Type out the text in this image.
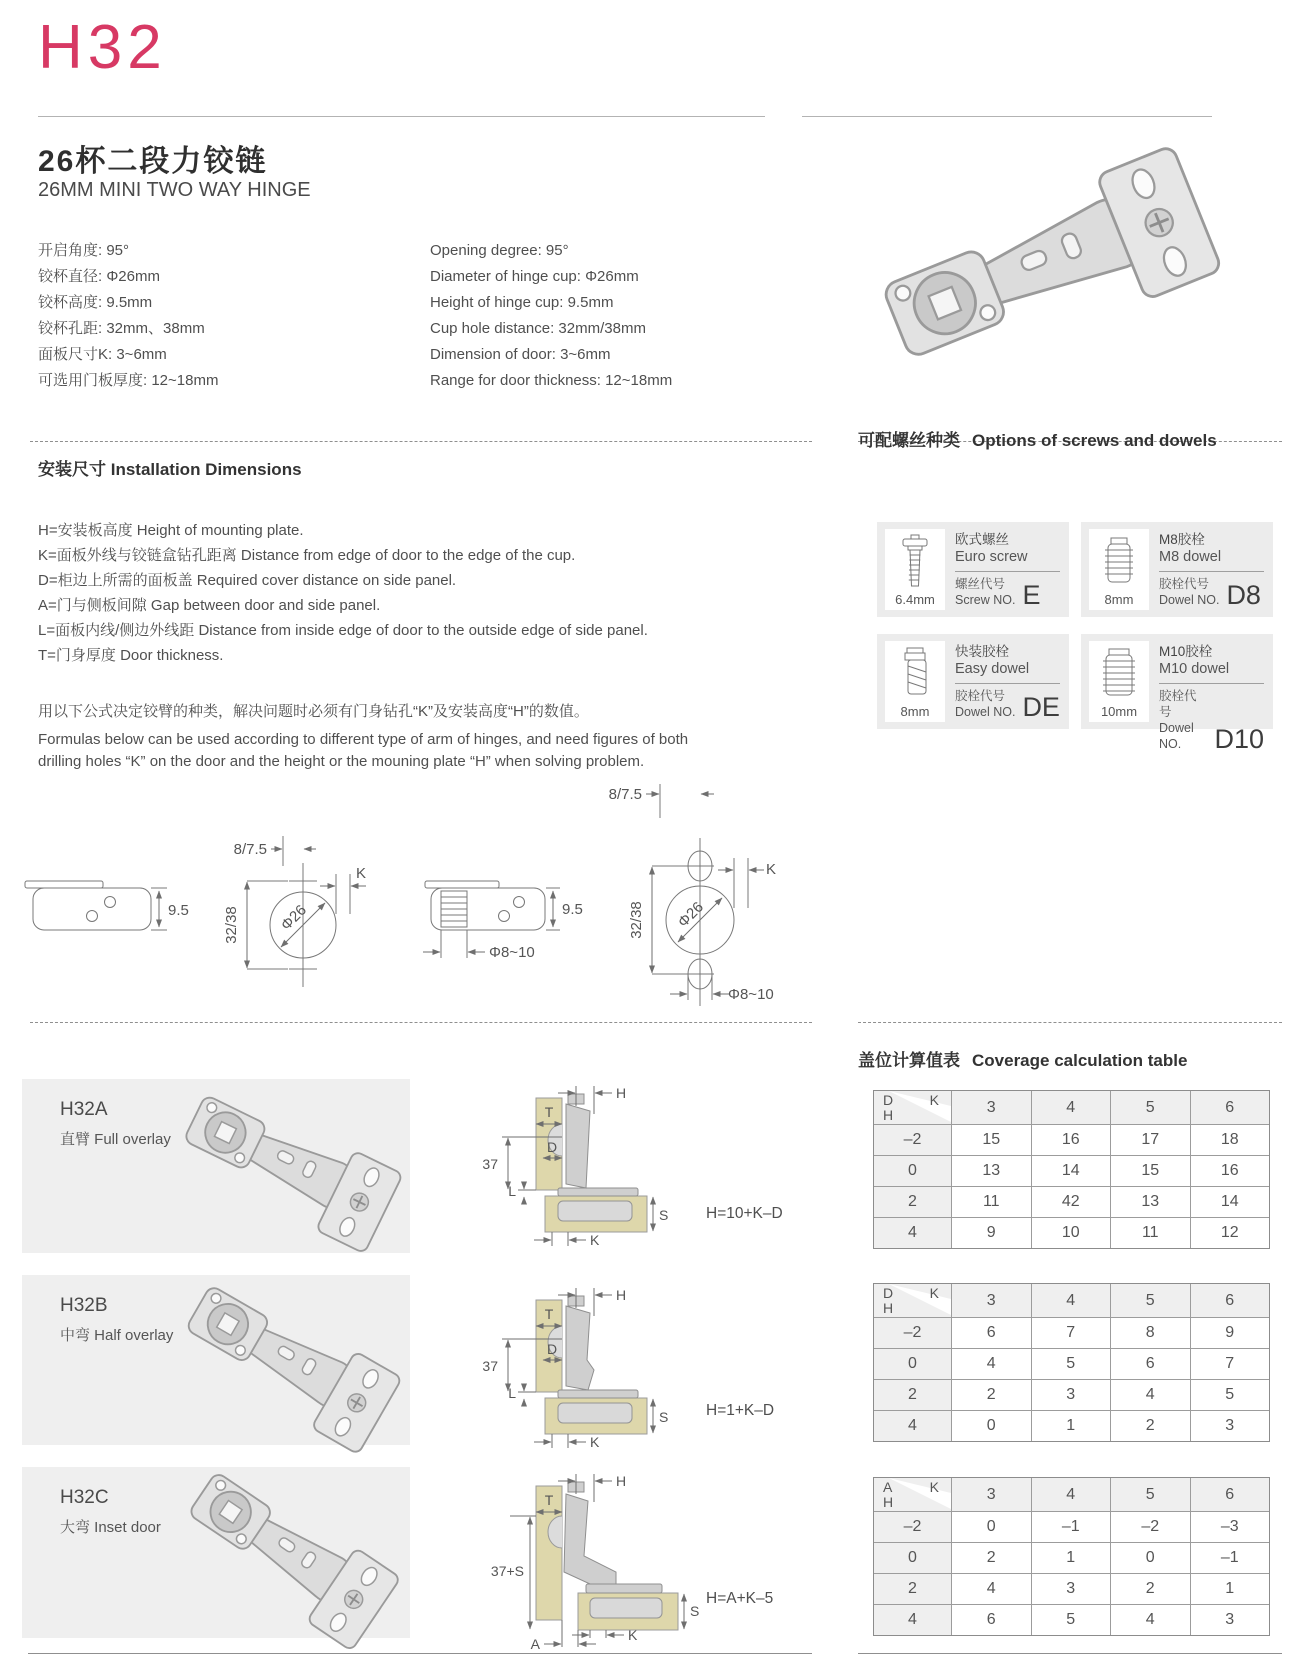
H32
26杯二段力铰链
26MM MINI TWO WAY HINGE
开启角度: 95°
铰杯直径: Φ26mm
铰杯高度: 9.5mm
铰杯孔距: 32mm、38mm
面板尺寸K: 3~6mm
可选用门板厚度: 12~18mm
Opening degree: 95°
Diameter of hinge cup: Φ26mm
Height of hinge cup: 9.5mm
Cup hole distance: 32mm/38mm
Dimension of door: 3~6mm
Range for door thickness: 12~18mm
安装尺寸 Installation Dimensions
H=安装板高度 Height of mounting plate.
K=面板外线与铰链盒钻孔距离 Distance from edge of door to the edge of the cup.
D=柜边上所需的面板盖 Required cover distance on side panel.
A=门与侧板间隙 Gap between door and side panel.
L=面板内线/侧边外线距 Distance from inside edge of door to the outside edge of side panel.
T=门身厚度 Door thickness.
用以下公式决定铰臂的种类，解决问题时必须有门身钻孔“K”及安装高度“H”的数值。
Formulas below can be used according to different type of arm of hinges, and need figures of both drilling holes “K” on the door and the height or the mouning plate “H” when solving problem.
9.5
8/7.5
K
32/38	Φ26	9.5
Φ8~10
8/7.5
K
32/38 Φ26
Φ8~10
可配螺丝种类 Options of screws and dowels
6.4mm
欧式螺丝
Euro screw
螺丝代号
Screw NO. E	8mm
M8胶栓
M8 dowel
胶栓代号
Dowel NO. D8
8mm
快装胶栓
Easy dowel
胶栓代号
Dowel NO. DE	10mm
M10胶栓
M10 dowel
胶栓代号
Dowel NO.	D10
盖位计算值表 Coverage calculation table
D	K
H	3	4	5	6
–2	15	16	17	18
0	13	14	15	16
2	11	42	13	14
4	9	10	11	12
D	K
H	3	4	5	6
–2	6	7	8	9
0	4	5	6	7
2	2	3	4	5
4	0	1	2	3
A	K
H	3	4	5	6
–2	0	–1	–2	–3
0	2	1	0	–1
2	4	3	2	1
4	6	5	4	3
H32A
直臂 Full overlay
H
T
37
D
L
S
K
H=10+K–D
H32B
中弯 Half overlay
H
T
37
D
L
S
K
H=1+K–D
H32C
大弯 Inset door
H
T
37+S
S
K
A
H=A+K–5
